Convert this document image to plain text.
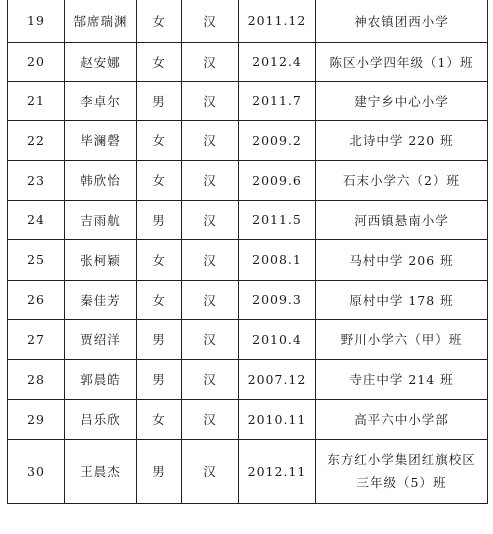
19	郜席瑞渊	女	汉	2011.12	神农镇团西小学
20	赵安娜	女	汉	2012.4	陈区小学四年级（1）班
21	李卓尔	男	汉	2011.7	建宁乡中心小学
22	毕澜磬	女	汉	2009.2	北诗中学 220 班
23	韩欣怡	女	汉	2009.6	石末小学六（2）班
24	吉雨航	男	汉	2011.5	河西镇悬南小学
25	张柯颖	女	汉	2008.1	马村中学 206 班
26	秦佳芳	女	汉	2009.3	原村中学 178 班
27	贾绍洋	男	汉	2010.4	野川小学六（甲）班
28	郭晨皓	男	汉	2007.12	寺庄中学 214 班
29	吕乐欣	女	汉	2010.11	高平六中小学部
30	王晨杰	男	汉	2012.11	东方红小学集团红旗校区
三年级（5）班
